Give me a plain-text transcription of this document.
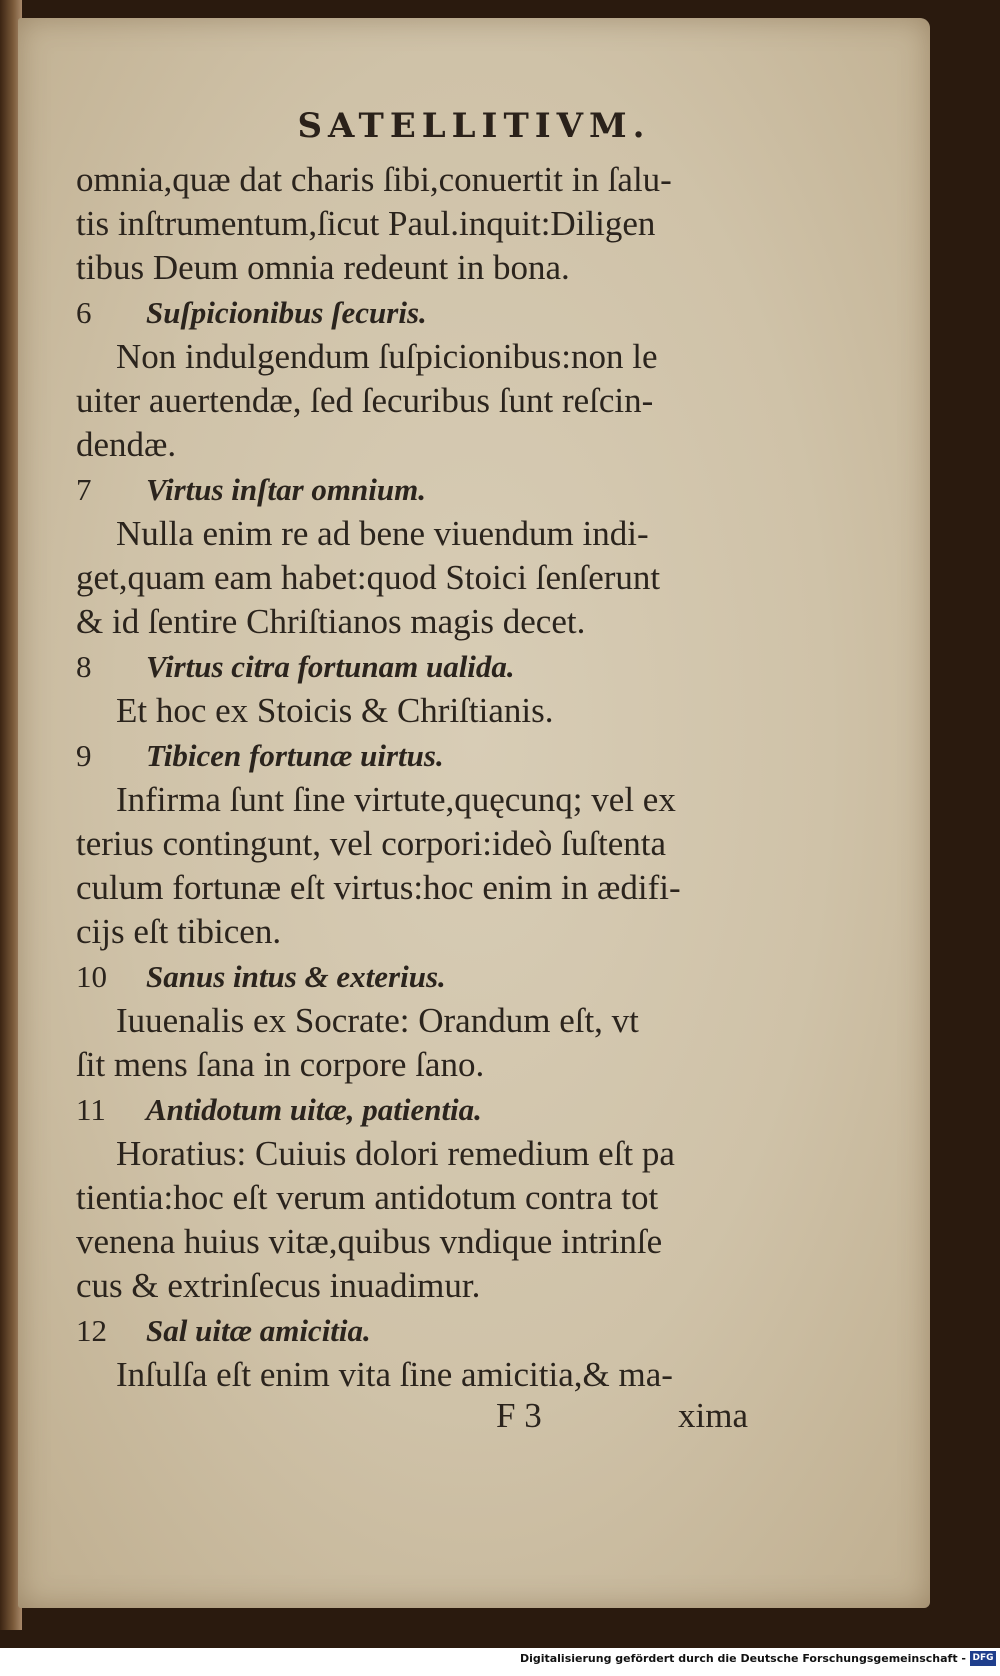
SATELLITIVM.
omnia,quæ dat charis ſibi,conuertit in ſalu-
tis inſtrumentum,ſicut Paul.inquit:Diligen
tibus Deum omnia redeunt in bona.
6 Suſpicionibus ſecuris.
Non indulgendum ſuſpicionibus:non le
uiter auertendæ, ſed ſecuribus ſunt reſcin-
dendæ.
7 Virtus inſtar omnium.
Nulla enim re ad bene viuendum indi-
get,quam eam habet:quod Stoici ſenſerunt
& id ſentire Chriſtianos magis decet.
8 Virtus citra fortunam ualida.
Et hoc ex Stoicis & Chriſtianis.
9 Tibicen fortunæ uirtus.
Infirma ſunt ſine virtute,quęcunq; vel ex
terius contingunt, vel corpori:ideò ſuſtenta
culum fortunæ eſt virtus:hoc enim in ædifi-
cijs eſt tibicen.
10 Sanus intus & exterius.
Iuuenalis ex Socrate: Orandum eſt, vt
ſit mens ſana in corpore ſano.
11 Antidotum uitæ, patientia.
Horatius: Cuiuis dolori remedium eſt pa
tientia:hoc eſt verum antidotum contra tot
venena huius vitæ,quibus vndique intrinſe
cus & extrinſecus inuadimur.
12 Sal uitæ amicitia.
Inſulſa eſt enim vita ſine amicitia,& ma-
F 3	xima
Digitalisierung gefördert durch die Deutsche Forschungsgemeinschaft - DFG
